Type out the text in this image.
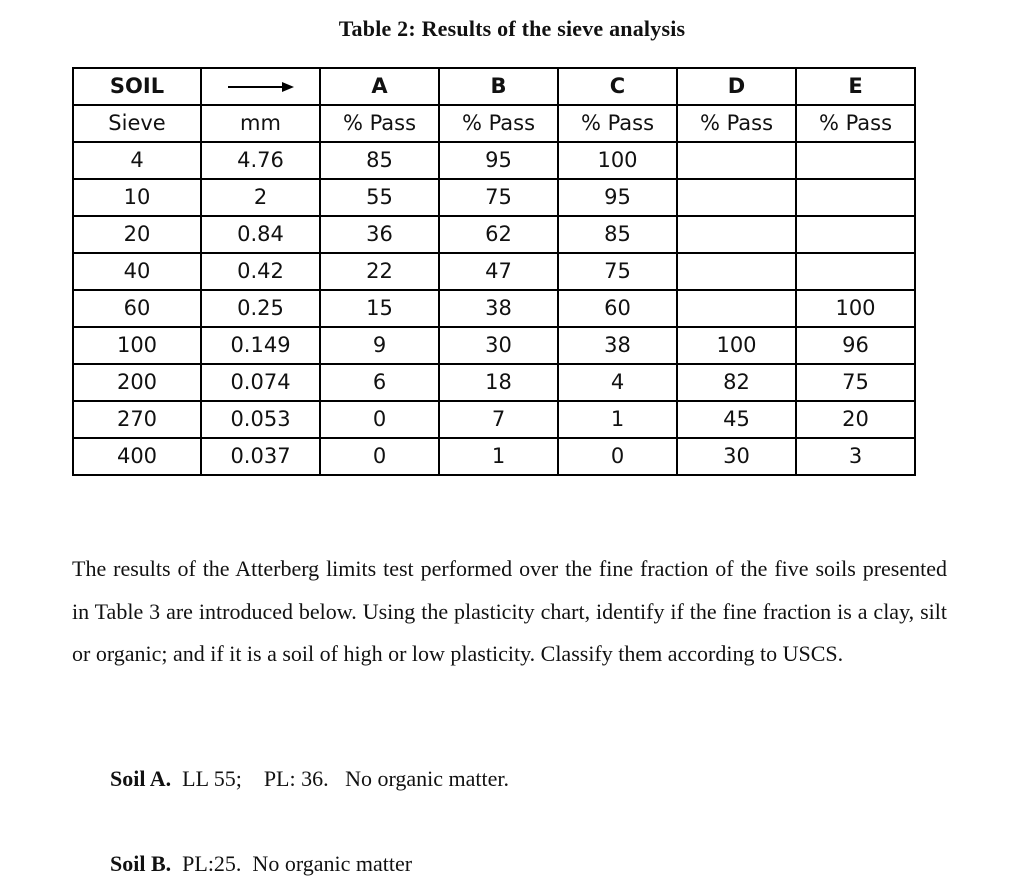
Table 2: Results of the sieve analysis
SOIL		A	B	C	D	E
Sieve	mm	% Pass	% Pass	% Pass	% Pass	% Pass
4	4.76	85	95	100		
10	2	55	75	95		
20	0.84	36	62	85		
40	0.42	22	47	75		
60	0.25	15	38	60		100
100	0.149	9	30	38	100	96
200	0.074	6	18	4	82	75
270	0.053	0	7	1	45	20
400	0.037	0	1	0	30	3
The results of the Atterberg limits test performed over the fine fraction of the five soils presented in Table 3 are introduced below. Using the plasticity chart, identify if the fine fraction is a clay, silt or organic; and if it is a soil of high or low plasticity. Classify them according to USCS.
Soil A. LL 55;    PL: 36.   No organic matter.
Soil B. PL:25.  No organic matter
